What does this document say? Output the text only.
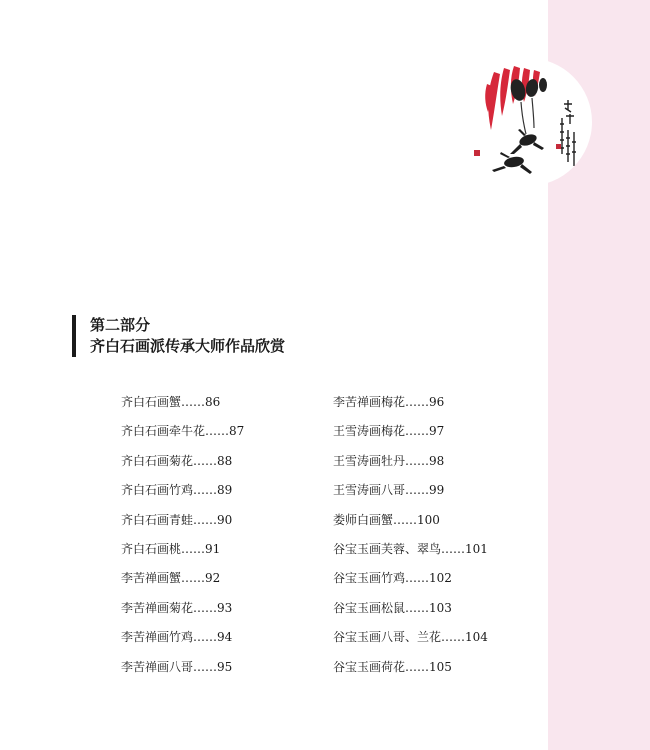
第二部分
齐白石画派传承大师作品欣赏
齐白石画蟹……86
齐白石画牵牛花……87
齐白石画菊花……88
齐白石画竹鸡……89
齐白石画青蛙……90
齐白石画桃……91
李苦禅画蟹……92
李苦禅画菊花……93
李苦禅画竹鸡……94
李苦禅画八哥……95
李苦禅画梅花……96
王雪涛画梅花……97
王雪涛画牡丹……98
王雪涛画八哥……99
娄师白画蟹……100
谷宝玉画芙蓉、翠鸟……101
谷宝玉画竹鸡……102
谷宝玉画松鼠……103
谷宝玉画八哥、兰花……104
谷宝玉画荷花……105
